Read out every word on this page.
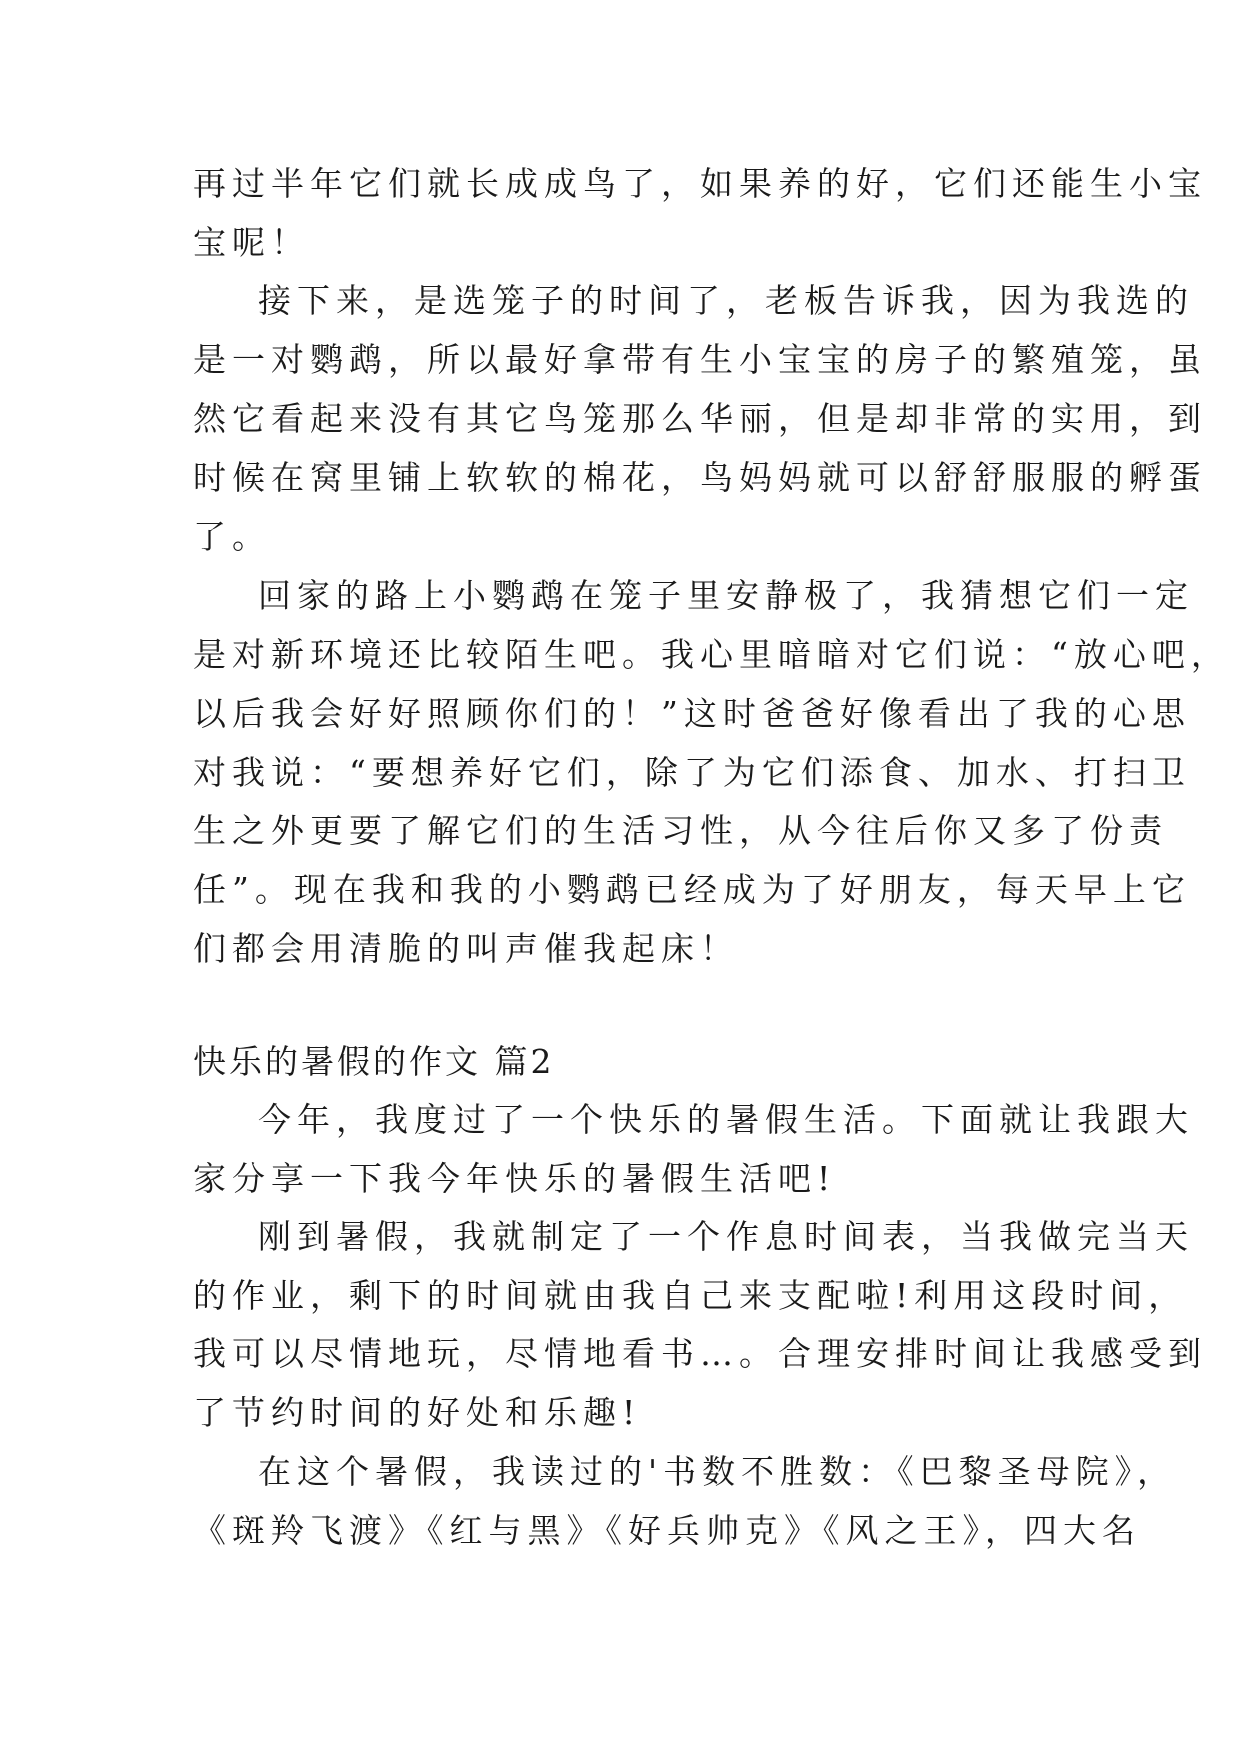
再过半年它们就长成成鸟了，如果养的好，它们还能生小宝
宝呢！
接下来，是选笼子的时间了，老板告诉我，因为我选的
是一对鹦鹉，所以最好拿带有生小宝宝的房子的繁殖笼，虽
然它看起来没有其它鸟笼那么华丽，但是却非常的实用，到
时候在窝里铺上软软的棉花，鸟妈妈就可以舒舒服服的孵蛋
了。
回家的路上小鹦鹉在笼子里安静极了，我猜想它们一定
是对新环境还比较陌生吧。我心里暗暗对它们说：“放心吧，
以后我会好好照顾你们的！”这时爸爸好像看出了我的心思
对我说：“要想养好它们，除了为它们添食、加水、打扫卫
生之外更要了解它们的生活习性，从今往后你又多了份责
任”。现在我和我的小鹦鹉已经成为了好朋友，每天早上它
们都会用清脆的叫声催我起床！
快乐的暑假的作文 篇2
今年，我度过了一个快乐的暑假生活。下面就让我跟大
家分享一下我今年快乐的暑假生活吧!
刚到暑假，我就制定了一个作息时间表，当我做完当天
的作业，剩下的时间就由我自己来支配啦!利用这段时间，
我可以尽情地玩，尽情地看书…。合理安排时间让我感受到
了节约时间的好处和乐趣!
在这个暑假，我读过的'书数不胜数：《巴黎圣母院》，
《斑羚飞渡》《红与黑》《好兵帅克》《风之王》，四大名
